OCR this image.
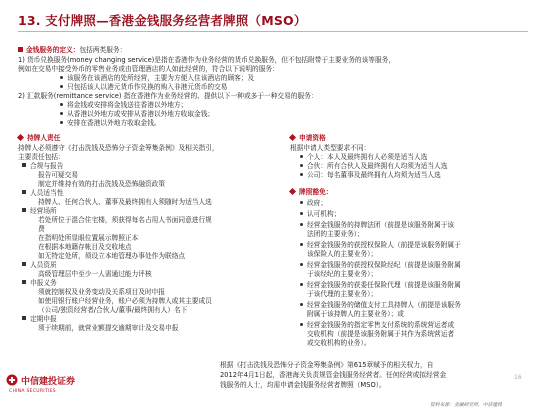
13. 支付牌照—香港金钱服务经营者牌照（MSO）
金钱服务的定义：包括两类服务：
1) 货币兑换服务(money changing service)是指在香港作为业务经营的货币兑换服务，但不包括附带于主要业务的该等服务，
例如在交易中接受外币的零售业务或由管理酒店的人如此经营的，符合以下说明的服务：
该服务在该酒店的处所经营，主要为方便入住该酒店的顾客；及
只包括该人以港元货币作兑换的购入非港元货币的交易
2) 汇款服务(remittance service) 指在香港作为业务经营的、提供以下一种或多于一种交易的服务：
将金钱或安排将金钱送往香港以外地方；
从香港以外地方或安排从香港以外地方收取金钱；
安排在香港以外地方收取金钱。
持牌人责任
持牌人必须遵守《打击洗钱及恐怖分子资金筹集条例》及相关指引，
主要责任包括：
合规与报告
报告可疑交易
制定并维持有效的打击洗钱及恐怖融资政策
人员适当性
持牌人、任何合伙人、董事及最终拥有人须随时为适当人选
经营场所
若处所位于混合住宅楼，须获得每名占用人书面同意进行规
费
在指明处所显眼位置展示牌照正本
在根据本地籍存帐目及交收地点
如无特定处所，须设立本地管理办事处作为联络点
人员资质
高级管理层中至少一人需通过能力评核
申报义务
须就控制权及业务变动及关系项目及时申报
如使用银行账户经营业务，账户必须为持牌人或其主要成员
（公司/独资经营者/合伙人/董事/最终拥有人）名下
定期申报
须于续期前，就营业额提交逾期审计及交易申报
申请资格
根据申请人类型要求不同：
个人：本人及最终拥有人必须是适当人选
合伙：所有合伙人及最终拥有人均须为适当人选
公司：每名董事及最终拥有人均须为适当人选
牌照豁免：
政府；
认可机构；
经营金钱服务的持牌法团（前提是该服务附属于该
法团的主要业务）；
经营金钱服务的获授权保险人（前提是该服务附属于
该保险人的主要业务）；
经营金钱服务的获授权保险经纪（前提是该服务附属
于该经纪的主要业务）；
经营金钱服务的获委任保险代理（前提是该服务附属
于该代理的主要业务）；
经营金钱服务的储值支付工具持牌人（前提是该服务
附属于该持牌人的主要业务）；或
经营金钱服务的指定零售支付系统的系统营运者或
交收机构（前提是该服务附属于其作为系统营运者
或交收机构的业务）。
根据《打击洗钱及恐怖分子资金筹集条例》第615章赋予的相关权力，自
2012年4月1日起，香港海关负责规管金钱服务经营者。任何经营或拟经营金
钱服务的人士，均需申请金钱服务经营者牌照（MSO）。
中信建投证券
CHINA SECURITIES
16
资料来源：金融研究所，中信建投
